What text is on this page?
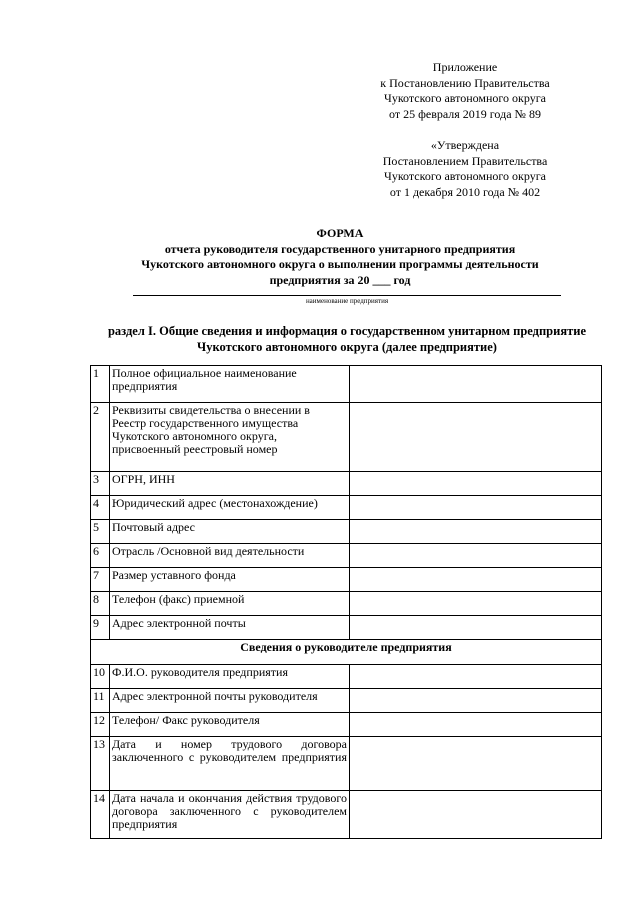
Приложение
к Постановлению Правительства
Чукотского автономного округа
от 25 февраля 2019 года № 89
«Утверждена
Постановлением Правительства
Чукотского автономного округа
от 1 декабря 2010 года № 402
ФОРМА
отчета руководителя государственного унитарного предприятия
Чукотского автономного округа о выполнении программы деятельности
предприятия за 20 ___ год
наименование предприятия
раздел I. Общие сведения и информация о государственном унитарном предприятие
Чукотского автономного округа (далее предприятие)
1	Полное официальное наименование предприятия	
2	Реквизиты свидетельства о внесении в Реестр государственного имущества Чукотского автономного округа, присвоенный реестровый номер	
3	ОГРН, ИНН	
4	Юридический адрес (местонахождение)	
5	Почтовый адрес	
6	Отрасль /Основной вид деятельности	
7	Размер уставного фонда	
8	Телефон (факс) приемной	
9	Адрес электронной почты	
Сведения о руководителе предприятия		
10	Ф.И.О. руководителя предприятия	
11	Адрес электронной почты руководителя	
12	Телефон/ Факс руководителя	
13	Дата и номер трудового договора заключенного с руководителем предприятия	
14	Дата начала и окончания действия трудового договора заключенного с руководителем предприятия	
